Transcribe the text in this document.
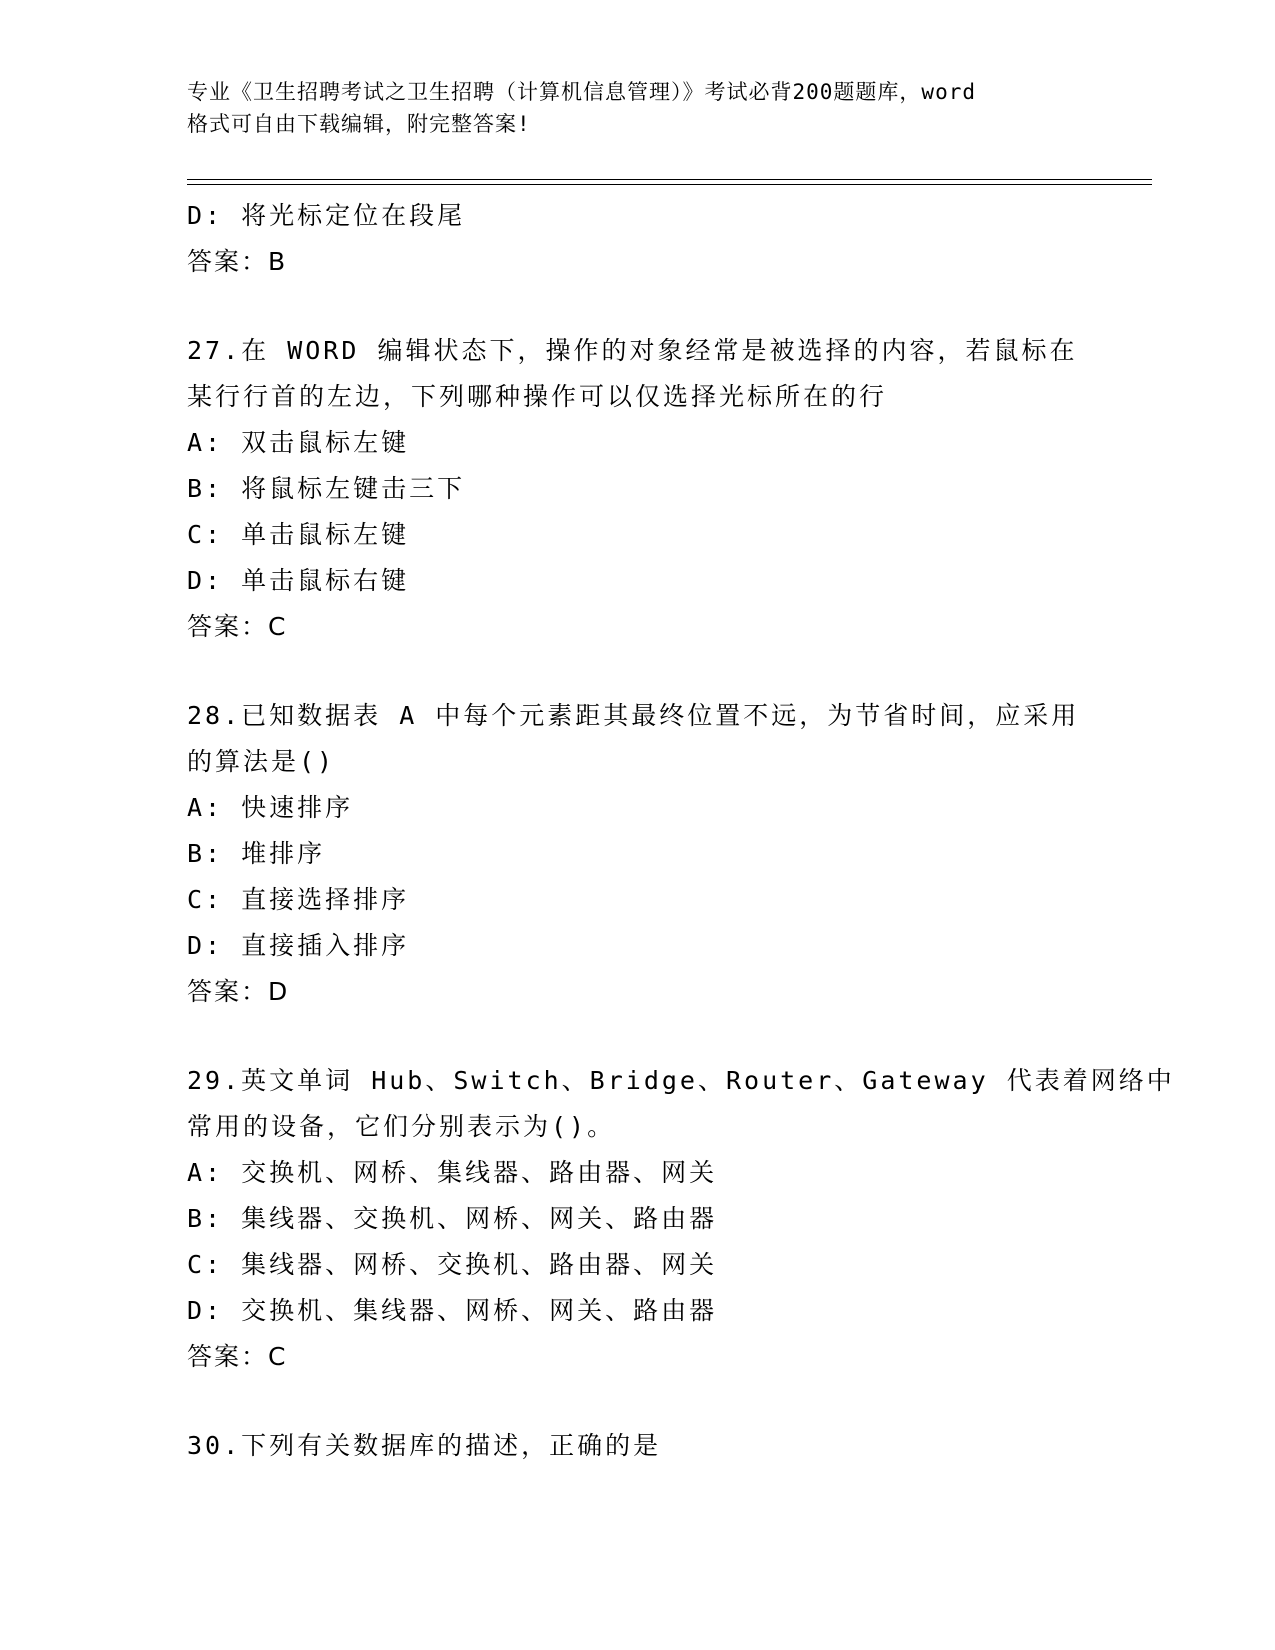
专业《卫生招聘考试之卫生招聘（计算机信息管理）》考试必背200题题库，word
格式可自由下载编辑，附完整答案!
D: 将光标定位在段尾
答案：B
27.在 WORD 编辑状态下，操作的对象经常是被选择的内容，若鼠标在
某行行首的左边，下列哪种操作可以仅选择光标所在的行
A: 双击鼠标左键
B: 将鼠标左键击三下
C: 单击鼠标左键
D: 单击鼠标右键
答案：C
28.已知数据表 A 中每个元素距其最终位置不远，为节省时间，应采用
的算法是()
A: 快速排序
B: 堆排序
C: 直接选择排序
D: 直接插入排序
答案：D
29.英文单词 Hub、Switch、Bridge、Router、Gateway 代表着网络中
常用的设备，它们分别表示为()。
A: 交换机、网桥、集线器、路由器、网关
B: 集线器、交换机、网桥、网关、路由器
C: 集线器、网桥、交换机、路由器、网关
D: 交换机、集线器、网桥、网关、路由器
答案：C
30.下列有关数据库的描述，正确的是
